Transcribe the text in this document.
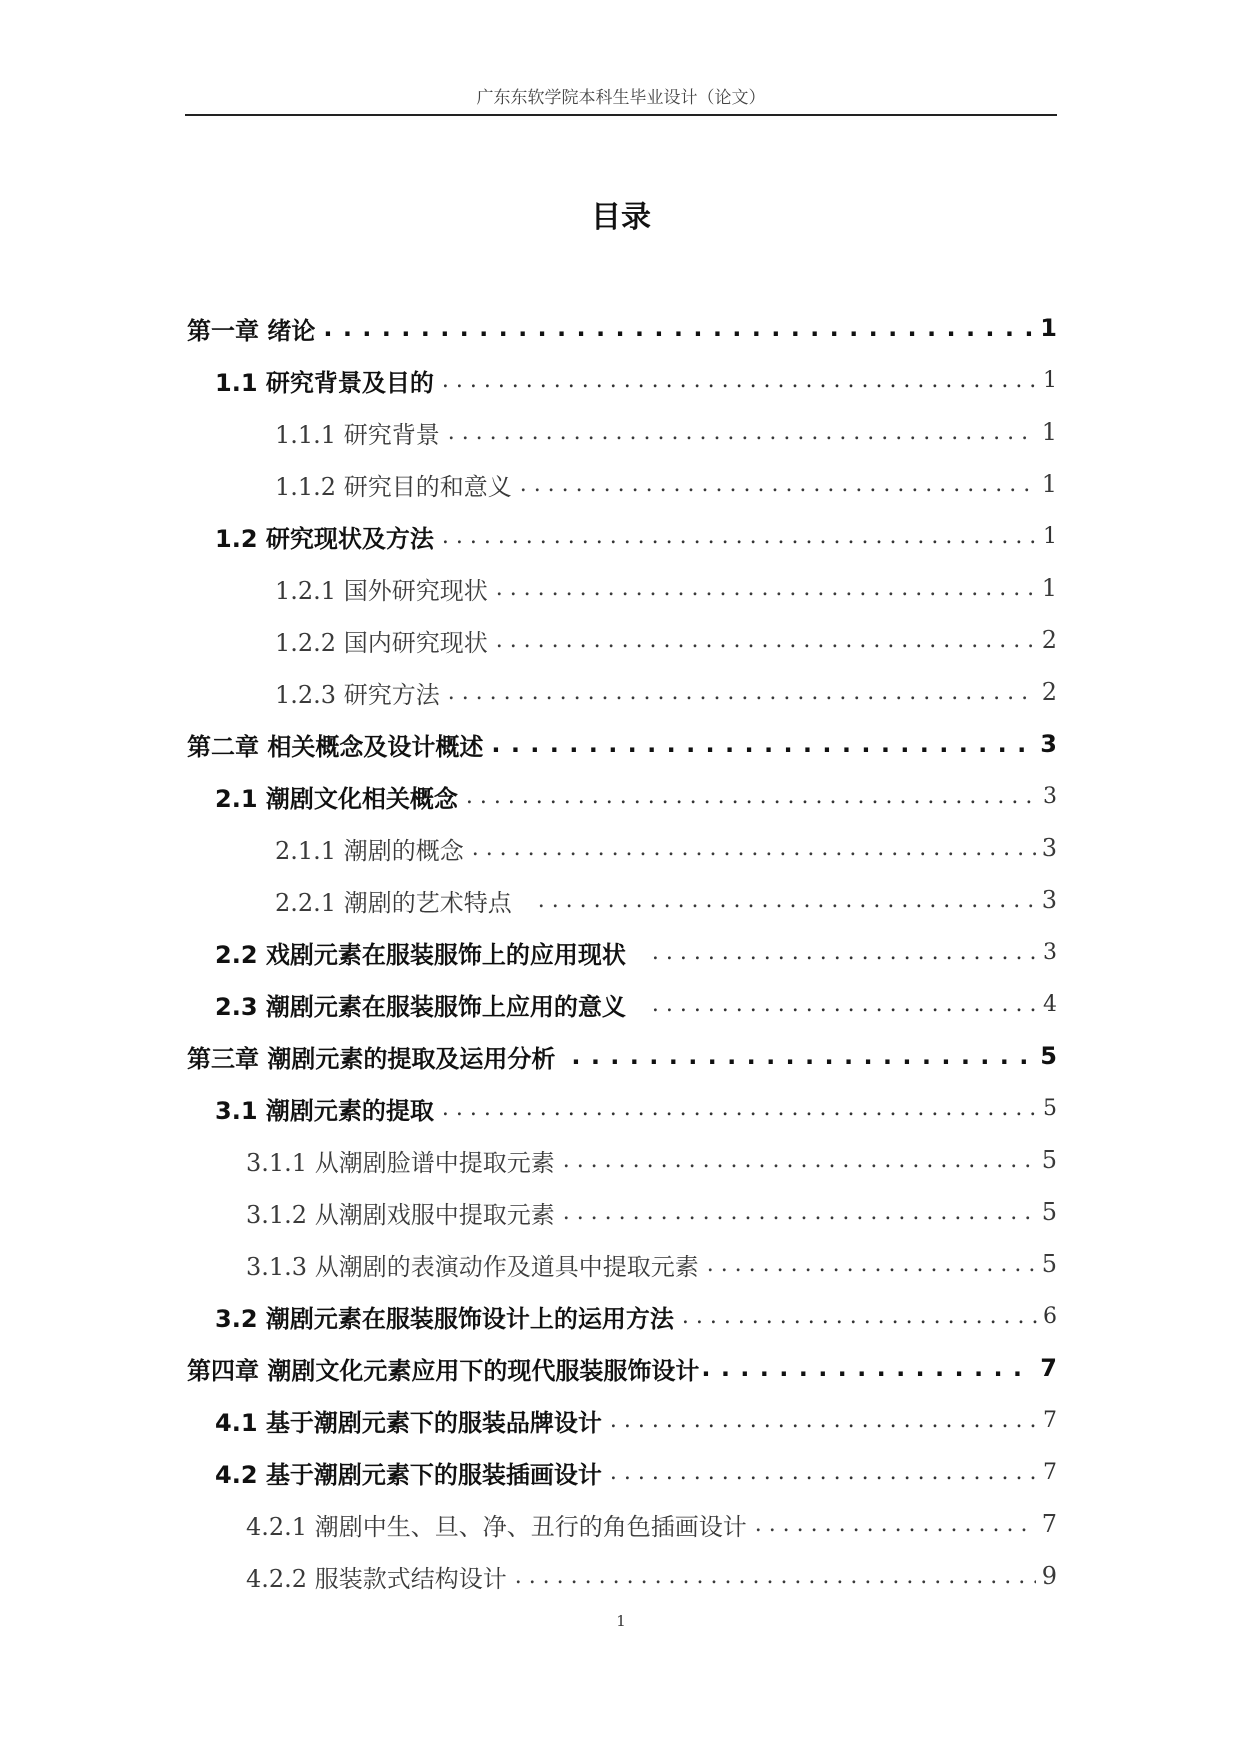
广东东软学院本科生毕业设计（论文）
目录
第一章 绪论 . . .	1
1.1 研究背景及目的 . . .	1
1.1.1 研究背景 . . .	1
1.1.2 研究目的和意义 . . .	1
1.2 研究现状及方法 . . .	1
1.2.1 国外研究现状 . . .	1
1.2.2 国内研究现状 . . .	2
1.2.3 研究方法 . . .	2
第二章 相关概念及设计概述 . . .	3
2.1 潮剧文化相关概念 . . .	3
2.1.1 潮剧的概念 . . .	3
2.2.1 潮剧的艺术特点 . . .	3
2.2 戏剧元素在服装服饰上的应用现状 . . .	3
2.3 潮剧元素在服装服饰上应用的意义 . . .	4
第三章 潮剧元素的提取及运用分析 . . .	5
3.1 潮剧元素的提取 . . .	5
3.1.1 从潮剧脸谱中提取元素 . . .	5
3.1.2 从潮剧戏服中提取元素 . . .	5
3.1.3 从潮剧的表演动作及道具中提取元素 . . .	5
3.2 潮剧元素在服装服饰设计上的运用方法 . . .	6
第四章 潮剧文化元素应用下的现代服装服饰设计 . . .	7
4.1 基于潮剧元素下的服装品牌设计 . . .	7
4.2 基于潮剧元素下的服装插画设计 . . .	7
4.2.1 潮剧中生、旦、净、丑行的角色插画设计 . . .	7
4.2.2 服装款式结构设计 . . .	9
1
